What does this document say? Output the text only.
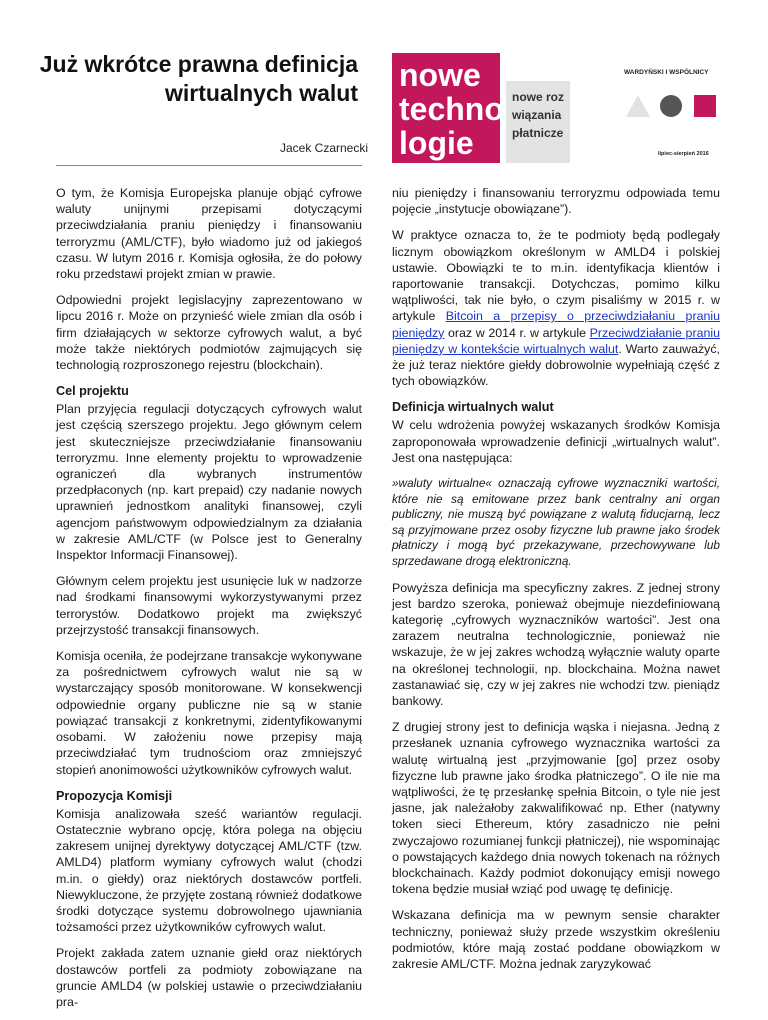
Już wkrótce prawna definicja
wirtualnych walut
Jacek Czarnecki
nowe
techno
logie
nowe roz
wiązania
płatnicze
WARDYŃSKI I WSPÓLNICY
lipiec-sierpień 2016

O tym, że Komisja Europejska planuje objąć cyfrowe waluty unijnymi przepisami dotyczącymi przeciwdziałania praniu pieniędzy i finansowaniu terroryzmu (AML/CTF), było wiadomo już od jakiegoś czasu. W lutym 2016 r. Komisja ogłosiła, że do połowy roku przedstawi projekt zmian w prawie.

Odpowiedni projekt legislacyjny zaprezentowano w lipcu 2016 r. Może on przynieść wiele zmian dla osób i firm działających w sektorze cyfrowych walut, a być może także niektórych podmiotów zajmujących się technologią rozproszonego rejestru (blockchain).

Cel projektu

Plan przyjęcia regulacji dotyczących cyfrowych walut jest częścią szerszego projektu. Jego głównym celem jest skuteczniejsze przeciwdziałanie finansowaniu terroryzmu. Inne elementy projektu to wprowadzenie ograniczeń dla wybranych instrumentów przedpłaconych (np. kart prepaid) czy nadanie nowych uprawnień jednostkom analityki finansowej, czyli agencjom państwowym odpowiedzialnym za działania w zakresie AML/CTF (w Polsce jest to Generalny Inspektor Informacji Finansowej).

Głównym celem projektu jest usunięcie luk w nadzorze nad środkami finansowymi wykorzystywanymi przez terrorystów. Dodatkowo projekt ma zwiększyć przejrzystość transakcji finansowych.

Komisja oceniła, że podejrzane transakcje wykonywane za pośrednictwem cyfrowych walut nie są w wystarczający sposób monitorowane. W konsekwencji odpowiednie organy publiczne nie są w stanie powiązać transakcji z konkretnymi, zidentyfikowanymi osobami. W założeniu nowe przepisy mają przeciwdziałać tym trudnościom oraz zmniejszyć stopień anonimowości użytkowników cyfrowych walut.

Propozycja Komisji

Komisja analizowała sześć wariantów regulacji. Ostatecznie wybrano opcję, która polega na objęciu zakresem unijnej dyrektywy dotyczącej AML/CTF (tzw. AMLD4) platform wymiany cyfrowych walut (chodzi m.in. o giełdy) oraz niektórych dostawców portfeli. Niewykluczone, że przyjęte zostaną również dodatkowe środki dotyczące systemu dobrowolnego ujawniania tożsamości przez użytkowników cyfrowych walut.

Projekt zakłada zatem uznanie giełd oraz niektórych dostawców portfeli za podmioty zobowiązane na gruncie AMLD4 (w polskiej ustawie o przeciwdziałaniu pra-

niu pieniędzy i finansowaniu terroryzmu odpowiada temu pojęcie „instytucje obowiązane”).

W praktyce oznacza to, że te podmioty będą podlegały licznym obowiązkom określonym w AMLD4 i polskiej ustawie. Obowiązki te to m.in. identyfikacja klientów i raportowanie transakcji. Dotychczas, pomimo kilku wątpliwości, tak nie było, o czym pisaliśmy w 2015 r. w artykule Bitcoin a przepisy o przeciwdziałaniu praniu pieniędzy oraz w 2014 r. w artykule Przeciwdziałanie praniu pieniędzy w kontekście wirtualnych walut. Warto zauważyć, że już teraz niektóre giełdy dobrowolnie wypełniają część z tych obowiązków.

Definicja wirtualnych walut

W celu wdrożenia powyżej wskazanych środków Komisja zaproponowała wprowadzenie definicji „wirtualnych walut”. Jest ona następująca:

»waluty wirtualne« oznaczają cyfrowe wyznaczniki wartości, które nie są emitowane przez bank centralny ani organ publiczny, nie muszą być powiązane z walutą fiducjarną, lecz są przyjmowane przez osoby fizyczne lub prawne jako środek płatniczy i mogą być przekazywane, przechowywane lub sprzedawane drogą elektroniczną.

Powyższa definicja ma specyficzny zakres. Z jednej strony jest bardzo szeroka, ponieważ obejmuje niezdefiniowaną kategorię „cyfrowych wyznaczników wartości”. Jest ona zarazem neutralna technologicznie, ponieważ nie wskazuje, że w jej zakres wchodzą wyłącznie waluty oparte na określonej technologii, np. blockchaina. Można nawet zastanawiać się, czy w jej zakres nie wchodzi tzw. pieniądz bankowy.

Z drugiej strony jest to definicja wąska i niejasna. Jedną z przesłanek uznania cyfrowego wyznacznika wartości za walutę wirtualną jest „przyjmowanie [go] przez osoby fizyczne lub prawne jako środka płatniczego”. O ile nie ma wątpliwości, że tę przesłankę spełnia Bitcoin, o tyle nie jest jasne, jak należałoby zakwalifikować np. Ether (natywny token sieci Ethereum, który zasadniczo nie pełni zwyczajowo rozumianej funkcji płatniczej), nie wspominając o powstających każdego dnia nowych tokenach na różnych blockchainach. Każdy podmiot dokonujący emisji nowego tokena będzie musiał wziąć pod uwagę tę definicję.

Wskazana definicja ma w pewnym sensie charakter techniczny, ponieważ służy przede wszystkim określeniu podmiotów, które mają zostać poddane obowiązkom w zakresie AML/CTF. Można jednak zaryzykować
